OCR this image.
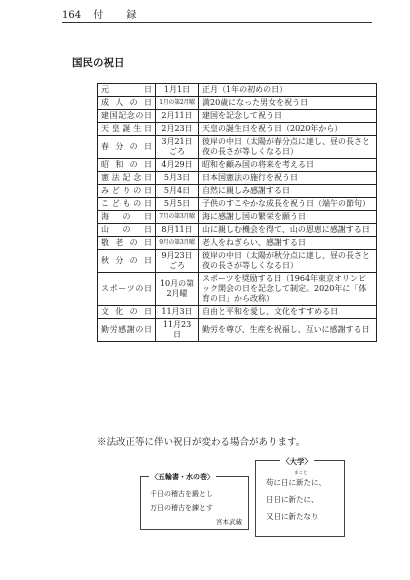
164 付 録
国民の祝日
元　　　日	1月1日	正月（1年の初めの日）
成 人 の 日	1月の第2月曜	満20歳になった男女を祝う日
建国記念の日	2月11日	建国を記念して祝う日
天皇誕生日	2月23日	天皇の誕生日を祝う日（2020年から）
春 分 の 日	3月21日ごろ	彼岸の中日（太陽が春分点に達し、昼の長さと夜の長さが等しくなる日）
昭 和 の 日	4月29日	昭和を顧み国の将来を考える日
憲法記念日	5月3日	日本国憲法の施行を祝う日
みどりの日	5月4日	自然に親しみ感謝する日
こどもの日	5月5日	子供のすこやかな成長を祝う日（端午の節句）
海 の 日	7月の第3月曜	海に感謝し国の繁栄を願う日
山 の 日	8月11日	山に親しむ機会を得て、山の恩恵に感謝する日
敬 老 の 日	9月の第3月曜	老人をねぎらい、感謝する日
秋 分 の 日	9月23日ごろ	彼岸の中日（太陽が秋分点に達し、昼の長さと夜の長さが等しくなる日）
スポーツの日	10月の第2月曜	スポーツを奨励する日（1964年東京オリンピック開会の日を記念して制定。2020年に「体育の日」から改称）
文 化 の 日	11月3日	自由と平和を愛し、文化をすすめる日
勤労感謝の日	11月23日	勤労を尊び、生産を祝福し、互いに感謝する日
※法改正等に伴い祝日が変わる場合があります。
〈五輪書・水の巻〉
千日の稽古を鍛とし
万日の稽古を錬とす
宮本武蔵
〈大学〉
まこと
苟に日に新たに、
日日に新たに、
又日に新たなり
